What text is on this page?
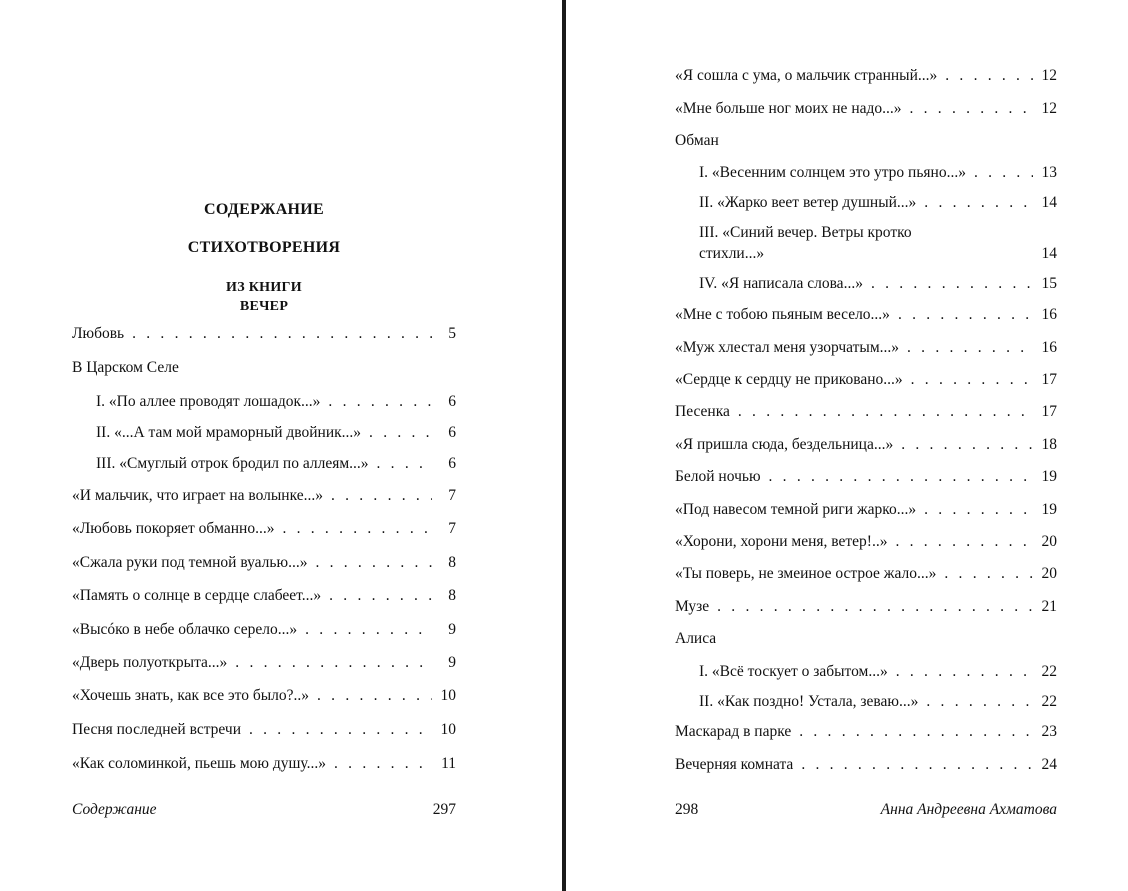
СОДЕРЖАНИЕ
СТИХОТВОРЕНИЯ
ИЗ КНИГИ
ВЕЧЕР
Любовь . . .	5
В Царском Селе
I. «По аллее проводят лошадок...» . . .	6
II. «...А там мой мраморный двойник...» . . .	6
III. «Смуглый отрок бродил по аллеям...» . . .	6
«И мальчик, что играет на волынке...» . . .	7
«Любовь покоряет обманно...» . . .	7
«Сжала руки под темной вуалью...» . . .	8
«Память о солнце в сердце слабеет...» . . .	8
«Высóко в небе облачко серело...» . . .	9
«Дверь полуоткрыта...» . . .	9
«Хочешь знать, как все это было?..» . . .	10
Песня последней встречи . . .	10
«Как соломинкой, пьешь мою душу...» . . .	11
Содержание	297
«Я сошла с ума, о мальчик странный...» . . .	12
«Мне больше ног моих не надо...» . . .	12
Обман
I. «Весенним солнцем это утро пьяно...» . . .	13
II. «Жарко веет ветер душный...» . . .	14
III. «Синий вечер. Ветры кротко
стихли...»	14
IV. «Я написала слова...» . . .	15
«Мне с тобою пьяным весело...» . . .	16
«Муж хлестал меня узорчатым...» . . .	16
«Сердце к сердцу не приковано...» . . .	17
Песенка . . .	17
«Я пришла сюда, бездельница...» . . .	18
Белой ночью . . .	19
«Под навесом темной риги жарко...» . . .	19
«Хорони, хорони меня, ветер!..» . . .	20
«Ты поверь, не змеиное острое жало...» . . .	20
Музе . . .	21
Алиса
I. «Всё тоскует о забытом...» . . .	22
II. «Как поздно! Устала, зеваю...» . . .	22
Маскарад в парке . . .	23
Вечерняя комната . . .	24
298	Анна Андреевна Ахматова
